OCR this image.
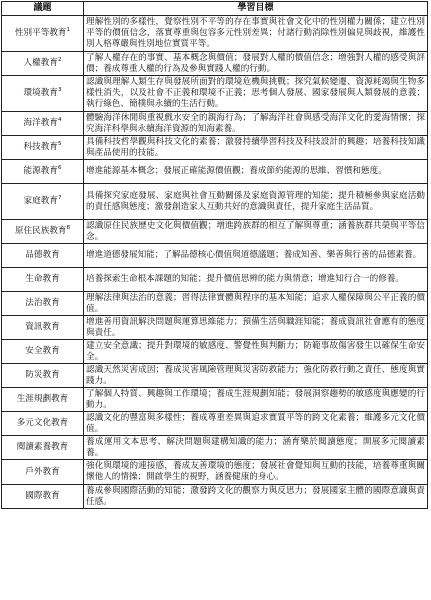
議題	學習目標
性別平等教育$^1$	理解性別的多樣性，覺察性別不平等的存在事實與社會文化中的性別權力關係；建立性別平等的價值信念，落實尊重與包容多元性別差異；付諸行動消除性別偏見與歧視，維護性別人格尊嚴與性別地位實質平等。
人權教育$^2$	了解人權存在的事實、基本概念與價值；發展對人權的價值信念；增強對人權的感受與評價；養成尊重人權的行為及參與實踐人權的行動。
環境教育$^3$	認識與理解人類生存與發展所面對的環境危機與挑戰；探究氣候變遷、資源耗竭與生物多樣性消失，以及社會不正義和環境不正義；思考個人發展、國家發展與人類發展的意義；執行綠色、簡樸與永續的生活行動。
海洋教育$^4$	體驗海洋休閒與重視戲水安全的親海行為；了解海洋社會與感受海洋文化的愛海情懷；探究海洋科學與永續海洋資源的知海素養。
科技教育$^5$	具備科技哲學觀與科技文化的素養；激發持續學習科技及科技設計的興趣；培養科技知識與產品使用的技能。
能源教育$^6$	增進能源基本概念；發展正確能源價值觀；養成節約能源的思維、習慣和態度。
家庭教育$^7$	具備探究家庭發展、家庭與社會互動關係及家庭資源管理的知能；提升積極參與家庭活動的責任感與態度；激發創造家人互動共好的意識與責任，提升家庭生活品質。
原住民族教育$^8$	認識原住民族歷史文化與價值觀；增進跨族群的相互了解與尊重；涵養族群共榮與平等信念。
品德教育	增進道德發展知能；了解品德核心價值與道德議題；養成知善、樂善與行善的品德素養。
生命教育	培養探索生命根本課題的知能；提升價值思辨的能力與情意；增進知行合一的修養。
法治教育	理解法律與法治的意義；習得法律實體與程序的基本知能；追求人權保障與公平正義的價值。
資訊教育	增進善用資訊解決問題與運算思維能力；預備生活與職涯知能；養成資訊社會應有的態度與責任。
安全教育	建立安全意識；提升對環境的敏感度、警覺性與判斷力；防範事故傷害發生以確保生命安全。
防災教育	認識天然災害成因；養成災害風險管理與災害防救能力；強化防救行動之責任、態度與實踐力。
生涯規劃教育	了解個人特質、興趣與工作環境；養成生涯規劃知能；發展洞察趨勢的敏感度與應變的行動力。
多元文化教育	認識文化的豐富與多樣性；養成尊重差異與追求實質平等的跨文化素養；維護多元文化價值。
閱讀素養教育	養成運用文本思考、解決問題與建構知識的能力；涵育樂於閱讀態度；開展多元閱讀素養。
戶外教育	強化與環境的連接感，養成友善環境的態度；發展社會覺知與互動的技能，培養尊重與關懷他人的情操；開啟學生的視野，涵養健康的身心。
國際教育	養成參與國際活動的知能；激發跨文化的觀察力與反思力；發展國家主體的國際意識與責任感。
